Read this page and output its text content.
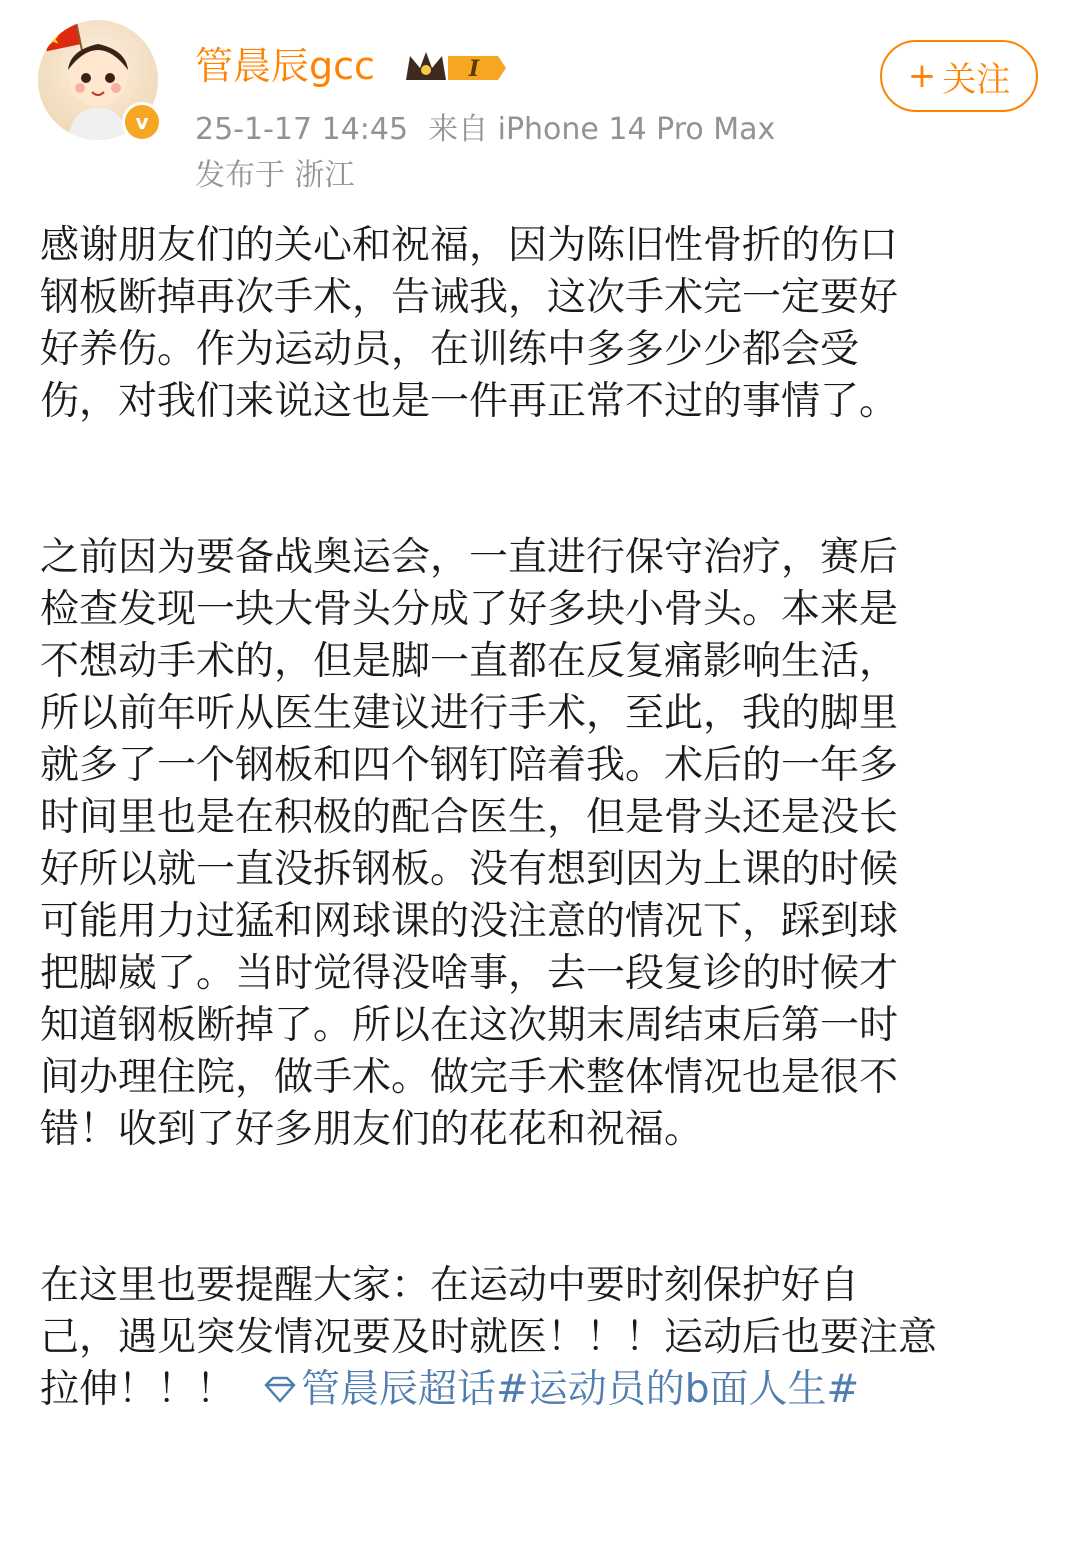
v
管晨辰gcc	I
25-1-17 14:45 来自 iPhone 14 Pro Max
发布于 浙江
+ 关注

感谢朋友们的关心和祝福，因为陈旧性骨折的伤口
钢板断掉再次手术，告诫我，这次手术完一定要好
好养伤。作为运动员，在训练中多多少少都会受
伤，对我们来说这也是一件再正常不过的事情了。

之前因为要备战奥运会，一直进行保守治疗，赛后
检查发现一块大骨头分成了好多块小骨头。本来是
不想动手术的，但是脚一直都在反复痛影响生活，
所以前年听从医生建议进行手术，至此，我的脚里
就多了一个钢板和四个钢钉陪着我。术后的一年多
时间里也是在积极的配合医生，但是骨头还是没长
好所以就一直没拆钢板。没有想到因为上课的时候
可能用力过猛和网球课的没注意的情况下，踩到球
把脚崴了。当时觉得没啥事，去一段复诊的时候才
知道钢板断掉了。所以在这次期末周结束后第一时
间办理住院，做手术。做完手术整体情况也是很不
错！收到了好多朋友们的花花和祝福。

在这里也要提醒大家：在运动中要时刻保护好自
己，遇见突发情况要及时就医！！！运动后也要注意
拉伸！！！ 管晨辰超话#运动员的b面人生#
